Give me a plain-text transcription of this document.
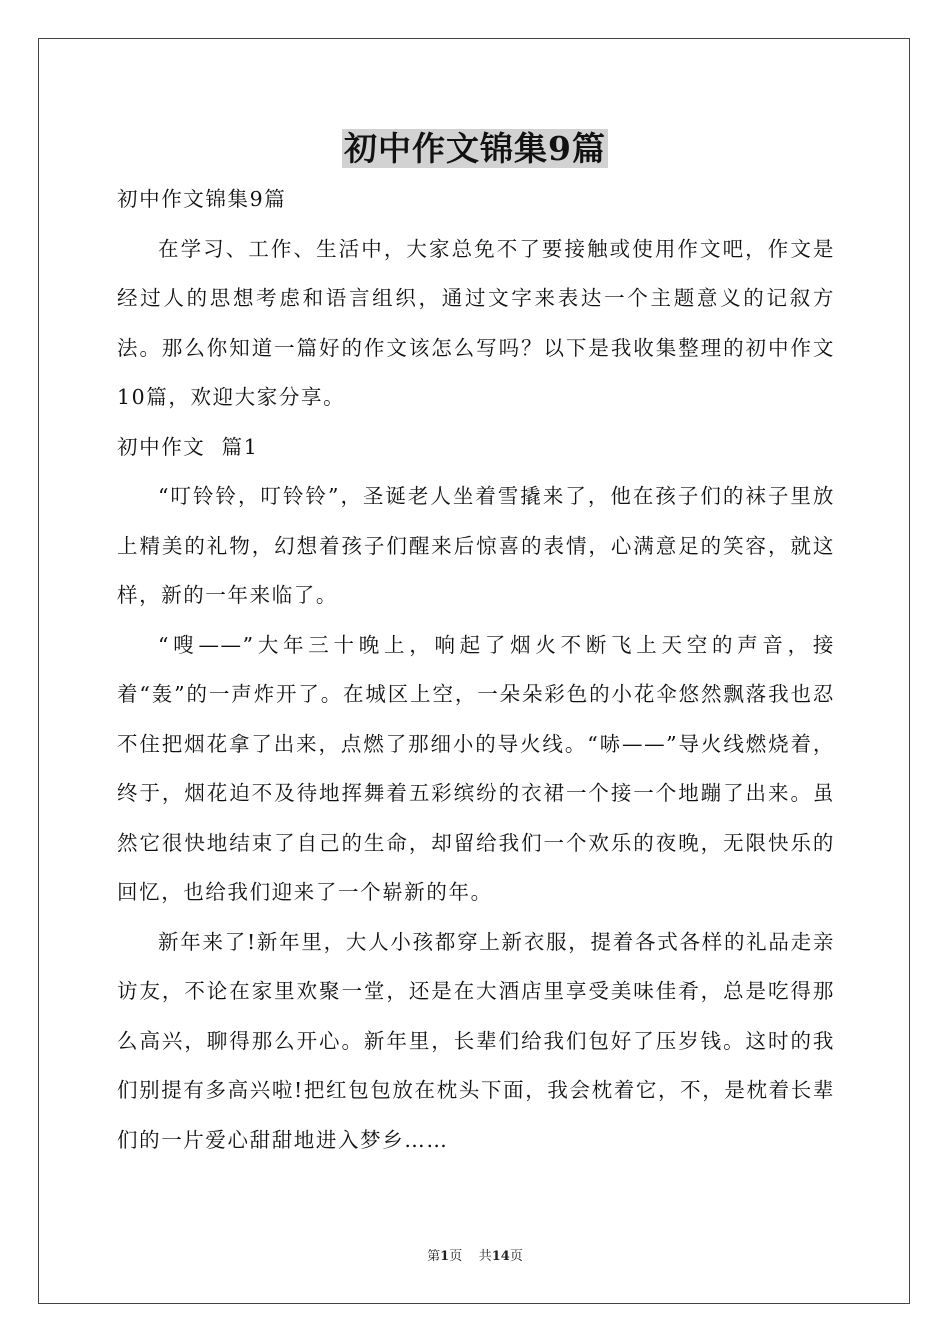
初中作文锦集9篇

初中作文锦集9篇

在学习、工作、生活中，大家总免不了要接触或使用作文吧，作文是经过人的思想考虑和语言组织，通过文字来表达一个主题意义的记叙方法。那么你知道一篇好的作文该怎么写吗？以下是我收集整理的初中作文10篇，欢迎大家分享。

初中作文  篇1

“叮铃铃，叮铃铃”，圣诞老人坐着雪撬来了，他在孩子们的袜子里放上精美的礼物，幻想着孩子们醒来后惊喜的表情，心满意足的笑容，就这样，新的一年来临了。

“嗖——”大年三十晚上，响起了烟火不断飞上天空的声音，接着“轰”的一声炸开了。在城区上空，一朵朵彩色的小花伞悠然飘落我也忍不住把烟花拿了出来，点燃了那细小的导火线。“哧——”导火线燃烧着，终于，烟花迫不及待地挥舞着五彩缤纷的衣裙一个接一个地蹦了出来。虽然它很快地结束了自己的生命，却留给我们一个欢乐的夜晚，无限快乐的回忆，也给我们迎来了一个崭新的年。

新年来了!新年里，大人小孩都穿上新衣服，提着各式各样的礼品走亲访友，不论在家里欢聚一堂，还是在大酒店里享受美味佳肴，总是吃得那么高兴，聊得那么开心。新年里，长辈们给我们包好了压岁钱。这时的我们别提有多高兴啦!把红包包放在枕头下面，我会枕着它，不，是枕着长辈们的一片爱心甜甜地进入梦乡……

第1页 共14页
